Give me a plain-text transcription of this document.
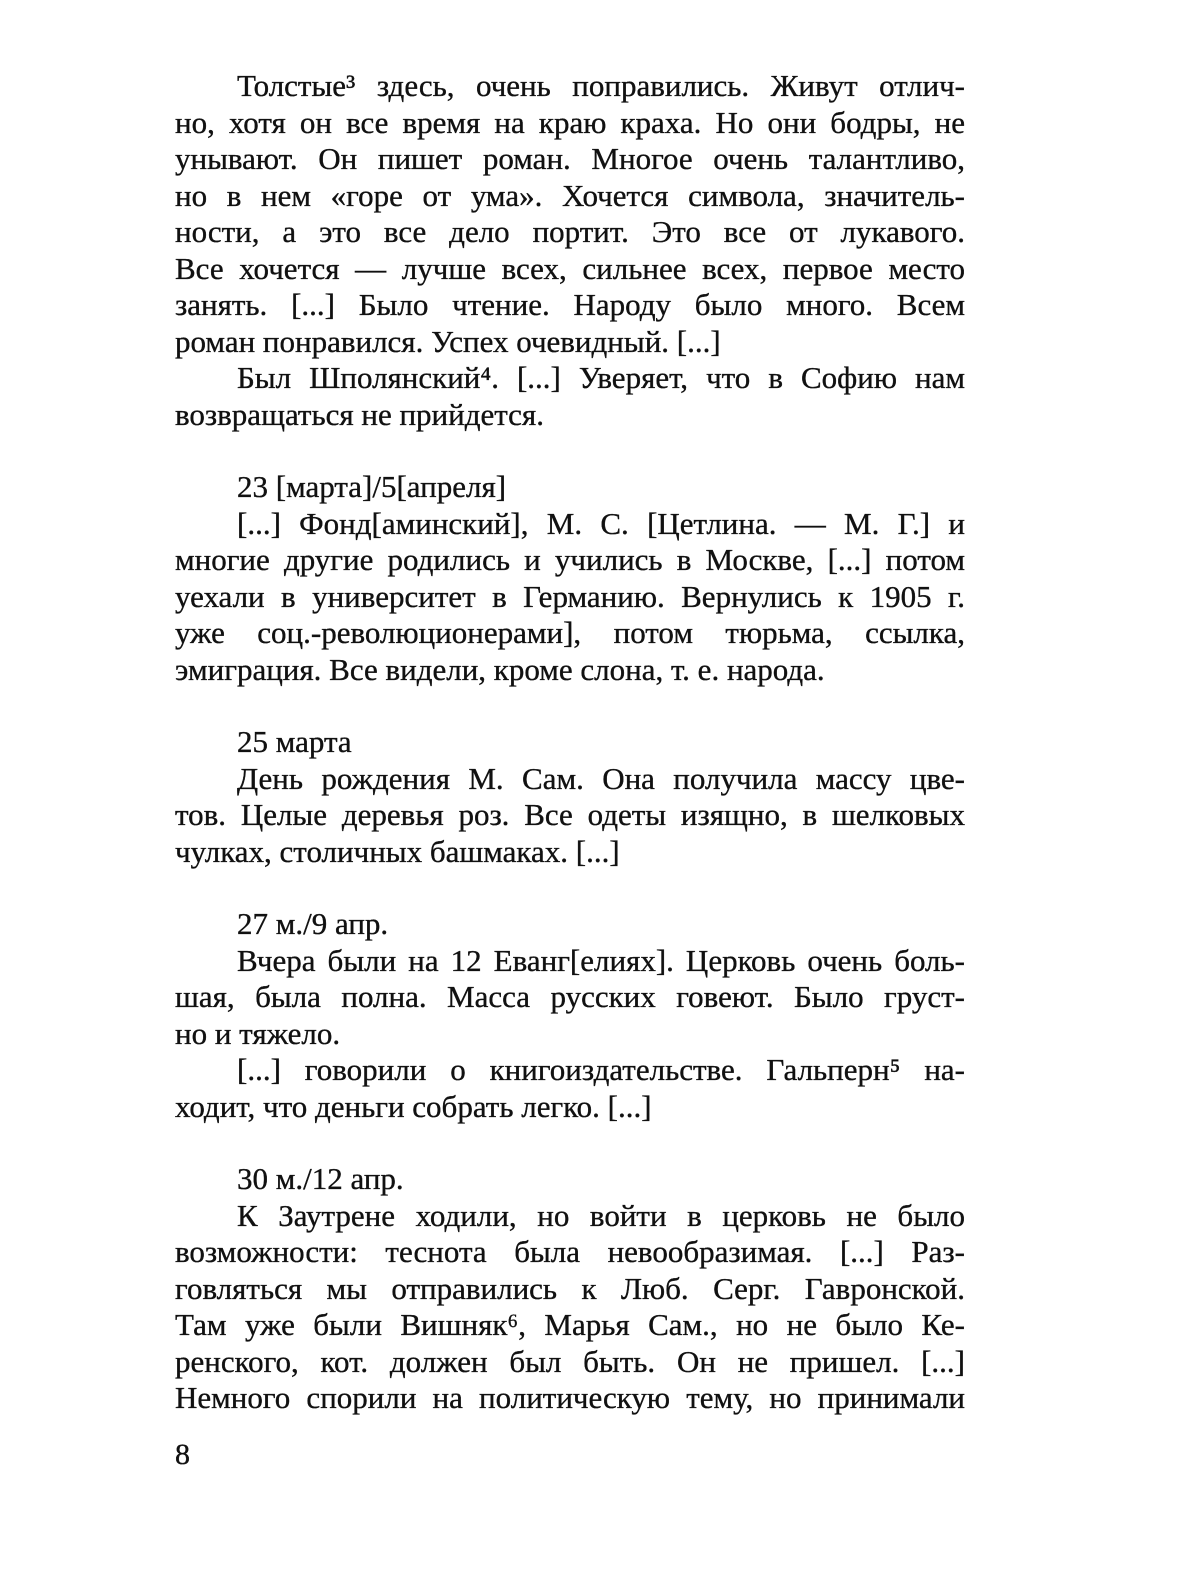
Толстые³ здесь, очень поправились. Живут отлич-
но, хотя он все время на краю краха. Но они бодры, не
унывают. Он пишет роман. Многое очень талантливо,
но в нем «горе от ума». Хочется символа, значитель-
ности, а это все дело портит. Это все от лукавого.
Все хочется — лучше всех, сильнее всех, первое место
занять. [...] Было чтение. Народу было много. Всем
роман понравился. Успех очевидный. [...]
Был Шполянский⁴. [...] Уверяет, что в Софию нам
возвращаться не прийдется.
23 [марта]/5[апреля]
[...] Фонд[аминский], М. С. [Цетлина. — М. Г.] и
многие другие родились и учились в Москве, [...] потом
уехали в университет в Германию. Вернулись к 1905 г.
уже соц.-революционерами], потом тюрьма, ссылка,
эмиграция. Все видели, кроме слона, т. е. народа.
25 марта
День рождения М. Сам. Она получила массу цве-
тов. Целые деревья роз. Все одеты изящно, в шелковых
чулках, столичных башмаках. [...]
27 м./9 апр.
Вчера были на 12 Еванг[елиях]. Церковь очень боль-
шая, была полна. Масса русских говеют. Было груст-
но и тяжело.
[...] говорили о книгоиздательстве. Гальперн⁵ на-
ходит, что деньги собрать легко. [...]
30 м./12 апр.
К Заутрене ходили, но войти в церковь не было
возможности: теснота была невообразимая. [...] Раз-
говляться мы отправились к Люб. Серг. Гавронской.
Там уже были Вишняк⁶, Марья Сам., но не было Ке-
ренского, кот. должен был быть. Он не пришел. [...]
Немного спорили на политическую тему, но принимали
8
